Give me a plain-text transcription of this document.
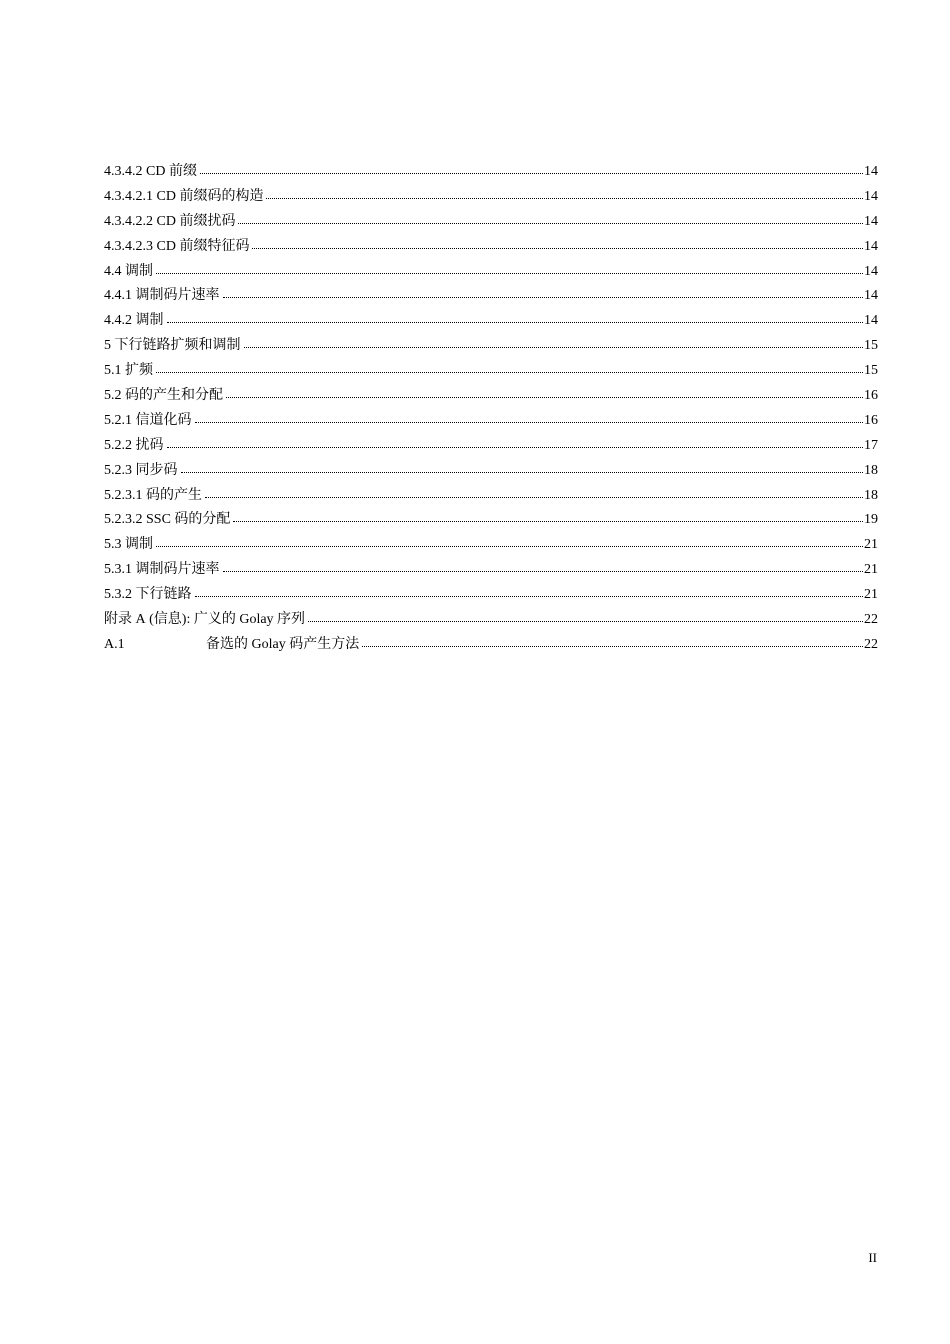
4.3.4.2 CD 前缀	14
4.3.4.2.1 CD 前缀码的构造	14
4.3.4.2.2 CD 前缀扰码	14
4.3.4.2.3 CD 前缀特征码	14
4.4 调制	14
4.4.1 调制码片速率	14
4.4.2 调制	14
5 下行链路扩频和调制	15
5.1 扩频	15
5.2 码的产生和分配	16
5.2.1 信道化码	16
5.2.2 扰码	17
5.2.3 同步码	18
5.2.3.1 码的产生	18
5.2.3.2 SSC 码的分配	19
5.3 调制	21
5.3.1 调制码片速率	21
5.3.2 下行链路	21
附录 A (信息): 广义的 Golay 序列	22
A.1	备选的 Golay 码产生方法	22
II
